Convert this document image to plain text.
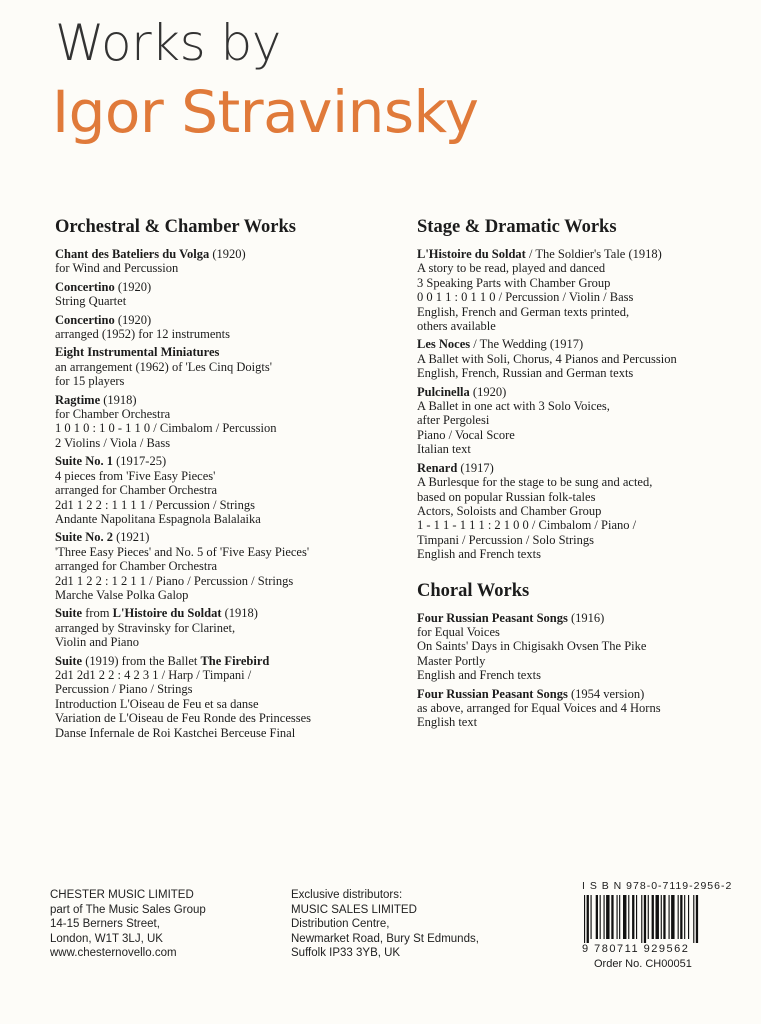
Works by
Igor Stravinsky
Orchestral & Chamber Works
Chant des Bateliers du Volga (1920)
for Wind and Percussion
Concertino (1920)
String Quartet
Concertino (1920)
arranged (1952) for 12 instruments
Eight Instrumental Miniatures
an arrangement (1962) of 'Les Cinq Doigts'
for 15 players
Ragtime (1918)
for Chamber Orchestra
1 0 1 0 : 1 0 - 1 1 0 / Cimbalom / Percussion
2 Violins / Viola / Bass
Suite No. 1 (1917-25)
4 pieces from 'Five Easy Pieces'
arranged for Chamber Orchestra
2d1 1 2 2 : 1 1 1 1 / Percussion / Strings
Andante Napolitana Espagnola Balalaika
Suite No. 2 (1921)
'Three Easy Pieces' and No. 5 of 'Five Easy Pieces'
arranged for Chamber Orchestra
2d1 1 2 2 : 1 2 1 1 / Piano / Percussion / Strings
Marche Valse Polka Galop
Suite from L'Histoire du Soldat (1918)
arranged by Stravinsky for Clarinet,
Violin and Piano
Suite (1919) from the Ballet The Firebird
2d1 2d1 2 2 : 4 2 3 1 / Harp / Timpani /
Percussion / Piano / Strings
Introduction L'Oiseau de Feu et sa danse
Variation de L'Oiseau de Feu Ronde des Princesses
Danse Infernale de Roi Kastchei Berceuse Final
Stage & Dramatic Works
L'Histoire du Soldat / The Soldier's Tale (1918)
A story to be read, played and danced
3 Speaking Parts with Chamber Group
0 0 1 1 : 0 1 1 0 / Percussion / Violin / Bass
English, French and German texts printed,
others available
Les Noces / The Wedding (1917)
A Ballet with Soli, Chorus, 4 Pianos and Percussion
English, French, Russian and German texts
Pulcinella (1920)
A Ballet in one act with 3 Solo Voices,
after Pergolesi
Piano / Vocal Score
Italian text
Renard (1917)
A Burlesque for the stage to be sung and acted,
based on popular Russian folk-tales
Actors, Soloists and Chamber Group
1 - 1 1 - 1 1 1 : 2 1 0 0 / Cimbalom / Piano /
Timpani / Percussion / Solo Strings
English and French texts
Choral Works
Four Russian Peasant Songs (1916)
for Equal Voices
On Saints' Days in Chigisakh Ovsen The Pike
Master Portly
English and French texts
Four Russian Peasant Songs (1954 version)
as above, arranged for Equal Voices and 4 Horns
English text
CHESTER MUSIC LIMITED
part of The Music Sales Group
14-15 Berners Street,
London, W1T 3LJ, UK
www.chesternovello.com
Exclusive distributors:
MUSIC SALES LIMITED
Distribution Centre,
Newmarket Road, Bury St Edmunds,
Suffolk IP33 3YB, UK
I S B N 978-0-7119-2956-2
9 780711 929562
Order No. CH00051
